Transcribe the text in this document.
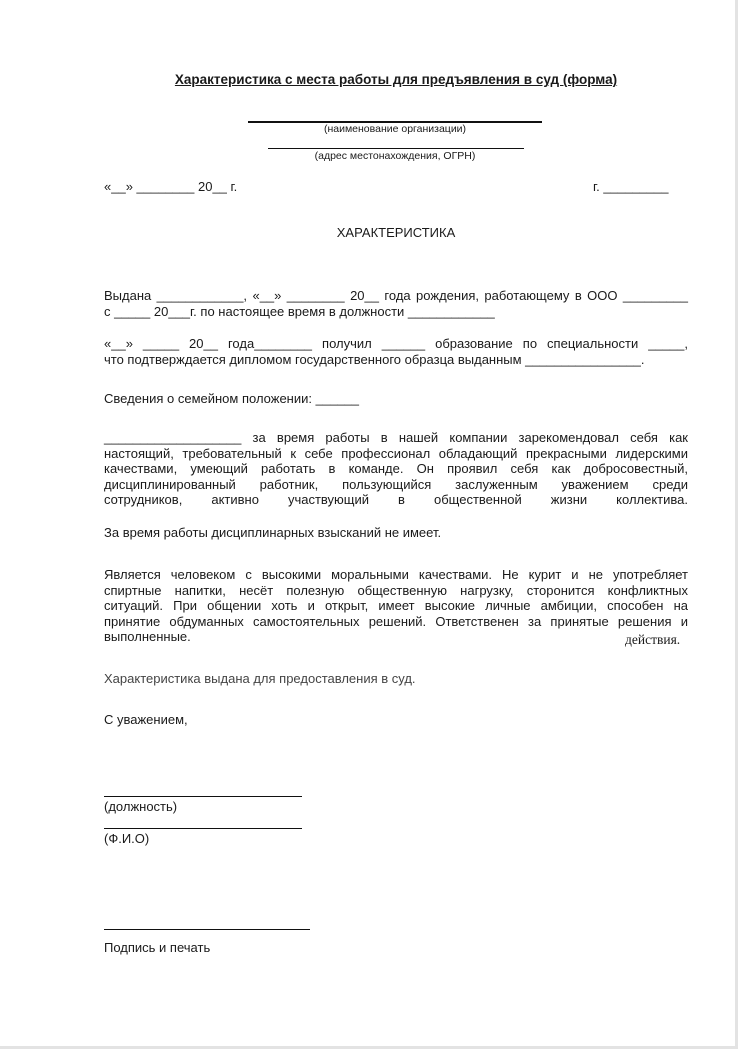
Характеристика с места работы для предъявления в суд (форма)
(наименование организации)
(адрес местонахождения, ОГРН)
«__» ________ 20__ г.	г. _________
ХАРАКТЕРИСТИКА
Выдана ____________, «__» ________ 20__ года рождения, работающему в ООО _________
с _____ 20___г. по настоящее время в должности ____________
«__» _____ 20__ года________ получил ______ образование по специальности _____,
что подтверждается дипломом государственного образца выданным ________________.
Сведения о семейном положении: ______
___________________ за время работы в нашей компании зарекомендовал себя как
настоящий, требовательный к себе профессионал обладающий прекрасными лидерскими
качествами, умеющий работать в команде. Он проявил себя как добросовестный,
дисциплинированный работник, пользующийся заслуженным уважением среди
сотрудников, активно участвующий в общественной жизни коллектива.
За время работы дисциплинарных взысканий не имеет.
Является человеком с высокими моральными качествами. Не курит и не употребляет
спиртные напитки, несёт полезную общественную нагрузку, сторонится конфликтных
ситуаций. При общении хоть и открыт, имеет высокие личные амбиции, способен на
принятие обдуманных самостоятельных решений. Ответственен за принятые решения и
выполненные.	действия.
Характеристика выдана для предоставления в суд.
С уважением,
(должность)
(Ф.И.О)
Подпись и печать
